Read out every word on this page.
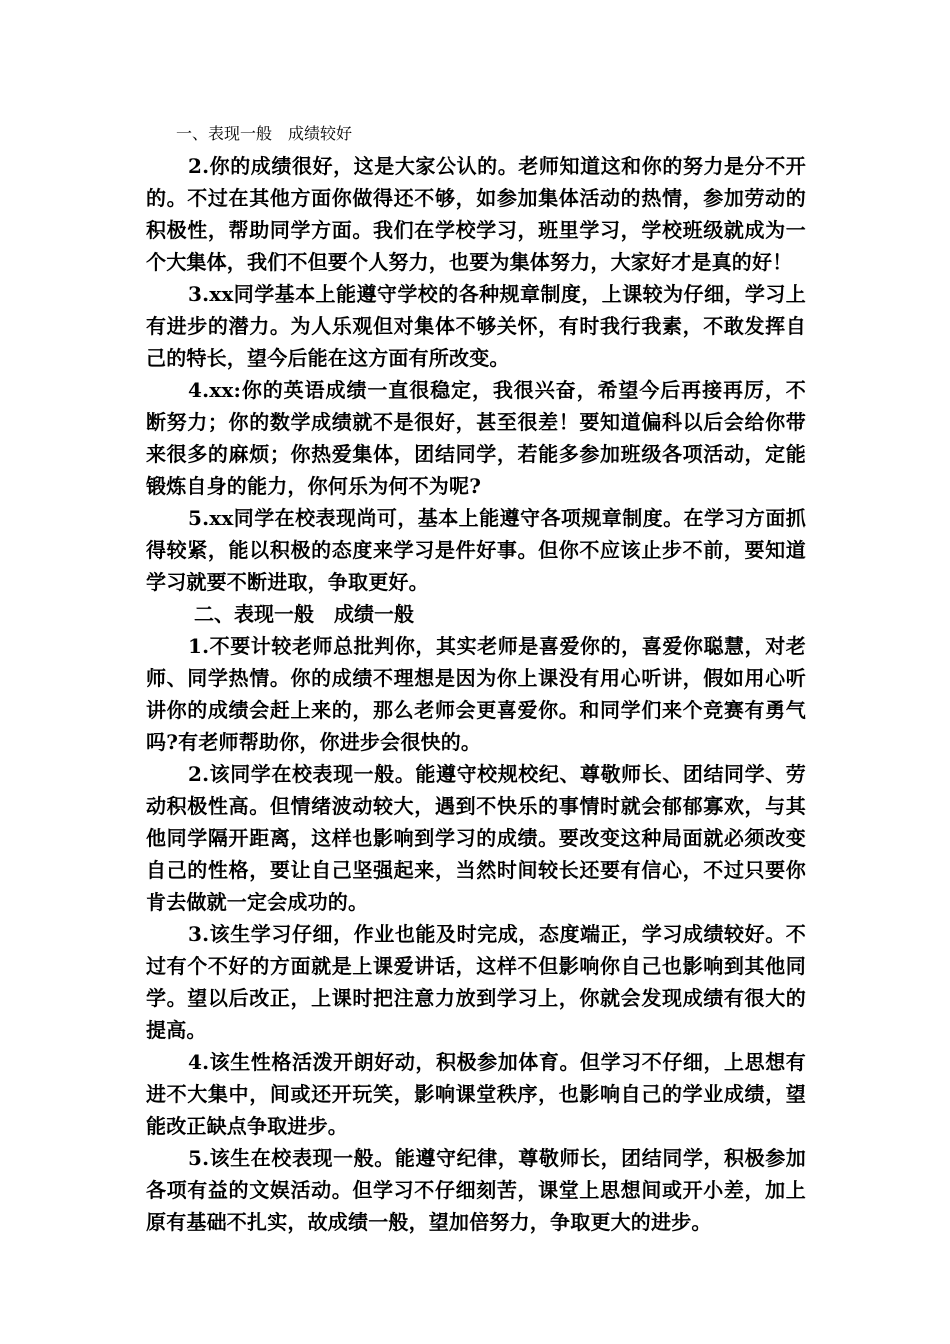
一、表现一般　成绩较好

2.你的成绩很好，这是大家公认的。老师知道这和你的努力是分不开的。不过在其他方面你做得还不够，如参加集体活动的热情，参加劳动的积极性，帮助同学方面。我们在学校学习，班里学习，学校班级就成为一个大集体，我们不但要个人努力，也要为集体努力，大家好才是真的好！

3.xx同学基本上能遵守学校的各种规章制度，上课较为仔细，学习上有进步的潜力。为人乐观但对集体不够关怀，有时我行我素，不敢发挥自己的特长，望今后能在这方面有所改变。

4.xx:你的英语成绩一直很稳定，我很兴奋，希望今后再接再厉，不断努力；你的数学成绩就不是很好，甚至很差！要知道偏科以后会给你带来很多的麻烦；你热爱集体，团结同学，若能多参加班级各项活动，定能锻炼自身的能力，你何乐为何不为呢?

5.xx同学在校表现尚可，基本上能遵守各项规章制度。在学习方面抓得较紧，能以积极的态度来学习是件好事。但你不应该止步不前，要知道学习就要不断进取，争取更好。

二、表现一般　成绩一般

1.不要计较老师总批判你，其实老师是喜爱你的，喜爱你聪慧，对老师、同学热情。你的成绩不理想是因为你上课没有用心听讲，假如用心听讲你的成绩会赶上来的，那么老师会更喜爱你。和同学们来个竞赛有勇气吗?有老师帮助你，你进步会很快的。

2.该同学在校表现一般。能遵守校规校纪、尊敬师长、团结同学、劳动积极性高。但情绪波动较大，遇到不快乐的事情时就会郁郁寡欢，与其他同学隔开距离，这样也影响到学习的成绩。要改变这种局面就必须改变自己的性格，要让自己坚强起来，当然时间较长还要有信心，不过只要你肯去做就一定会成功的。

3.该生学习仔细，作业也能及时完成，态度端正，学习成绩较好。不过有个不好的方面就是上课爱讲话，这样不但影响你自己也影响到其他同学。望以后改正，上课时把注意力放到学习上，你就会发现成绩有很大的提高。

4.该生性格活泼开朗好动，积极参加体育。但学习不仔细，上思想有进不大集中，间或还开玩笑，影响课堂秩序，也影响自己的学业成绩，望能改正缺点争取进步。

5.该生在校表现一般。能遵守纪律，尊敬师长，团结同学，积极参加各项有益的文娱活动。但学习不仔细刻苦，课堂上思想间或开小差，加上原有基础不扎实，故成绩一般，望加倍努力，争取更大的进步。
